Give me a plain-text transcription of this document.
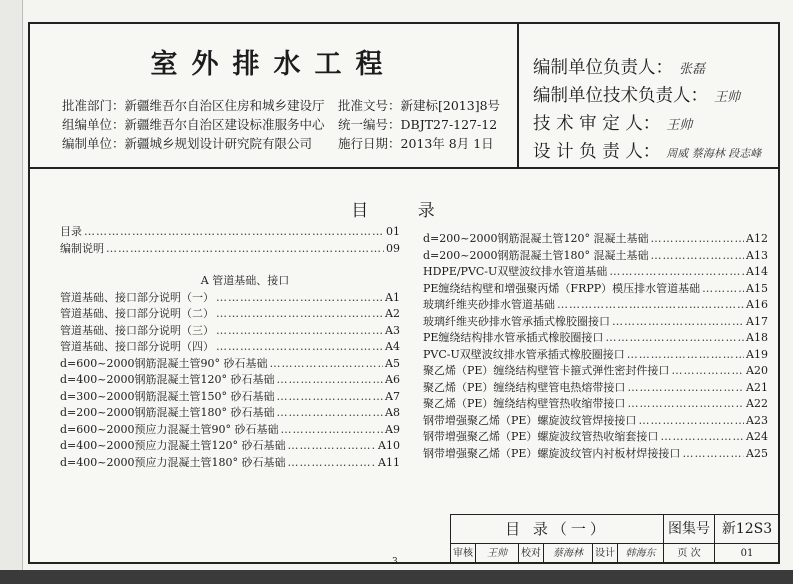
室外排水工程
批准部门：新疆维吾尔自治区住房和城乡建设厅
组编单位：新疆维吾尔自治区建设标准服务中心
编制单位：新疆城乡规划设计研究院有限公司
批准文号：新建标[2013]8号
统一编号：DBJT27-127-12
施行日期：2013年 8月 1日
编制单位负责人： 张磊
编制单位技术负责人： 王帅
技 术 审 定 人： 王帅
设 计 负 责 人： 周威 蔡海林 段志峰
目 录
目录 …………………………………………………………………………………………………………………………………………………………	01
编制说明 …………………………………………………………………………………………………………………………………………………………	09
A 管道基础、接口
管道基础、接口部分说明（一） …………………………………………………………………………………………………………………………………………………………	A1
管道基础、接口部分说明（二） …………………………………………………………………………………………………………………………………………………………	A2
管道基础、接口部分说明（三） …………………………………………………………………………………………………………………………………………………………	A3
管道基础、接口部分说明（四） …………………………………………………………………………………………………………………………………………………………	A4
d=600~2000钢筋混凝土管90° 砂石基础 …………………………………………………………………………………………………………………………………………………………	A5
d=400~2000钢筋混凝土管120° 砂石基础 …………………………………………………………………………………………………………………………………………………………	A6
d=300~2000钢筋混凝土管150° 砂石基础 …………………………………………………………………………………………………………………………………………………………	A7
d=200~2000钢筋混凝土管180° 砂石基础 …………………………………………………………………………………………………………………………………………………………	A8
d=600~2000预应力混凝土管90° 砂石基础 …………………………………………………………………………………………………………………………………………………………	A9
d=400~2000预应力混凝土管120° 砂石基础 …………………………………………………………………………………………………………………………………………………………	A10
d=400~2000预应力混凝土管180° 砂石基础 …………………………………………………………………………………………………………………………………………………………	A11
d=200~2000钢筋混凝土管120° 混凝土基础 …………………………………………………………………………………………………………………………………………………………	A12
d=200~2000钢筋混凝土管180° 混凝土基础 …………………………………………………………………………………………………………………………………………………………	A13
HDPE/PVC-U双壁波纹排水管道基础 …………………………………………………………………………………………………………………………………………………………	A14
PE缠绕结构壁和增强聚丙烯（FRPP）模压排水管道基础 …………………………………………………………………………………………………………………………………………………………	A15
玻璃纤维夹砂排水管道基础 …………………………………………………………………………………………………………………………………………………………	A16
玻璃纤维夹砂排水管承插式橡胶圈接口 …………………………………………………………………………………………………………………………………………………………	A17
PE缠绕结构排水管承插式橡胶圈接口 …………………………………………………………………………………………………………………………………………………………	A18
PVC-U双壁波纹排水管承插式橡胶圈接口 …………………………………………………………………………………………………………………………………………………………	A19
聚乙烯（PE）缠绕结构壁管卡箍式弹性密封件接口 …………………………………………………………………………………………………………………………………………………………	A20
聚乙烯（PE）缠绕结构壁管电热熔带接口 …………………………………………………………………………………………………………………………………………………………	A21
聚乙烯（PE）缠绕结构壁管热收缩带接口 …………………………………………………………………………………………………………………………………………………………	A22
钢带增强聚乙烯（PE）螺旋波纹管焊接接口 …………………………………………………………………………………………………………………………………………………………	A23
钢带增强聚乙烯（PE）螺旋波纹管热收缩套接口 …………………………………………………………………………………………………………………………………………………………	A24
钢带增强聚乙烯（PE）螺旋波纹管内衬板材焊接接口 …………………………………………………………………………………………………………………………………………………………	A25
目 录（一）	图集号 新12S3
审核	王帅	校对	蔡海林	设计	韩海东	页 次	01
3
